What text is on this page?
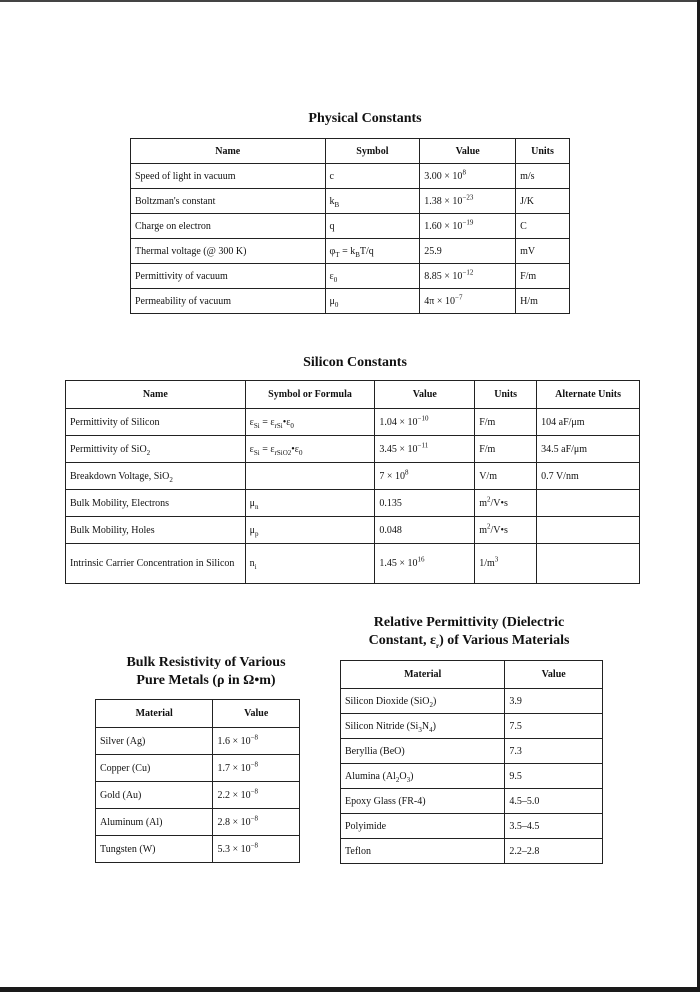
Physical Constants
Name	Symbol	Value	Units
Speed of light in vacuum	c	$3.00 \times 10^8$	m/s
Boltzman's constant	$k_B$	$1.38 \times 10^{-23}$	J/K
Charge on electron	q	$1.60 \times 10^{-19}$	C
Thermal voltage (@ 300 K)	$\varphi_T = k_BT/q$	25.9	mV
Permittivity of vacuum	$\varepsilon_0$	$8.85 \times 10^{-12}$	F/m
Permeability of vacuum	$\mu_0$	$4\pi \times 10^{-7}$	H/m
Silicon Constants
Name	Symbol or Formula	Value	Units	Alternate Units
Permittivity of Silicon	$\varepsilon_{Si}$ = $\varepsilon_{rSi}•\varepsilon_0$	$1.04 \times 10^{-10}$	F/m	104 aF/μm
Permittivity of SiO$_2$	$\varepsilon_{Si}$ = $\varepsilon_{rSiO2}•\varepsilon_0$	$3.45 \times 10^{-11}$	F/m	34.5 aF/μm
Breakdown Voltage, SiO$_2$		$7 \times 10^8$	V/m	0.7 V/nm
Bulk Mobility, Electrons	$\mu_n$	0.135	$m^2/V•s$	
Bulk Mobility, Holes	$\mu_p$	0.048	$m^2/V•s$	
Intrinsic Carrier Concentration in Silicon	$n_i$	$1.45 \times 10^{16}$	$1/m^3$	
Relative Permittivity (Dielectric
Constant, $\varepsilon_r$) of Various Materials
Material	Value
Silicon Dioxide (SiO$_2$)	3.9
Silicon Nitride $(Si_3N_4)$	7.5
Beryllia (BeO)	7.3
Alumina $(Al_2O_3)$	9.5
Epoxy Glass (FR-4)	4.5–5.0
Polyimide	3.5–4.5
Teflon	2.2–2.8
Bulk Resistivity of Various
Pure Metals (ρ in Ω•m)
Material	Value
Silver (Ag)	$1.6 \times 10^{-8}$
Copper (Cu)	$1.7 \times 10^{-8}$
Gold (Au)	$2.2 \times 10^{-8}$
Aluminum (Al)	$2.8 \times 10^{-8}$
Tungsten (W)	$5.3 \times 10^{-8}$
